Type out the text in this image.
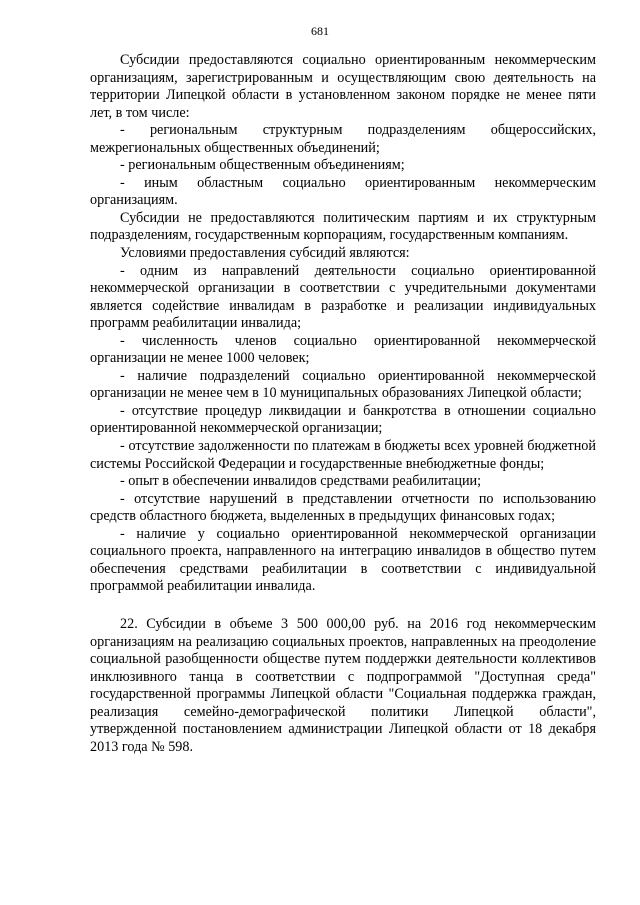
681

Субсидии предоставляются социально ориентированным некоммерческим организациям, зарегистрированным и осуществляющим свою деятельность на территории Липецкой области в установленном законом порядке не менее пяти лет, в том числе:

- региональным структурным подразделениям общероссийских, межрегиональных общественных объединений;

- региональным общественным объединениям;

- иным областным социально ориентированным некоммерческим организациям.

Субсидии не предоставляются политическим партиям и их структурным подразделениям, государственным корпорациям, государственным компаниям.

Условиями предоставления субсидий являются:

- одним из направлений деятельности социально ориентированной некоммерческой организации в соответствии с учредительными документами является содействие инвалидам в разработке и реализации индивидуальных программ реабилитации инвалида;

- численность членов социально ориентированной некоммерческой организации не менее 1000 человек;

- наличие подразделений социально ориентированной некоммерческой организации не менее чем в 10 муниципальных образованиях Липецкой области;

- отсутствие процедур ликвидации и банкротства в отношении социально ориентированной некоммерческой организации;

- отсутствие задолженности по платежам в бюджеты всех уровней бюджетной системы Российской Федерации и государственные внебюджетные фонды;

- опыт в обеспечении инвалидов средствами реабилитации;

- отсутствие нарушений в представлении отчетности по использованию средств областного бюджета, выделенных в предыдущих финансовых годах;

- наличие у социально ориентированной некоммерческой организации социального проекта, направленного на интеграцию инвалидов в общество путем обеспечения средствами реабилитации в соответствии с индивидуальной программой реабилитации инвалида.

22. Субсидии в объеме 3 500 000,00 руб. на 2016 год некоммерческим организациям на реализацию социальных проектов, направленных на преодоление социальной разобщенности обществе путем поддержки деятельности коллективов инклюзивного танца в соответствии с подпрограммой "Доступная среда" государственной программы Липецкой области "Социальная поддержка граждан, реализация семейно-демографической политики Липецкой области", утвержденной постановлением администрации Липецкой области от 18 декабря 2013 года № 598.
